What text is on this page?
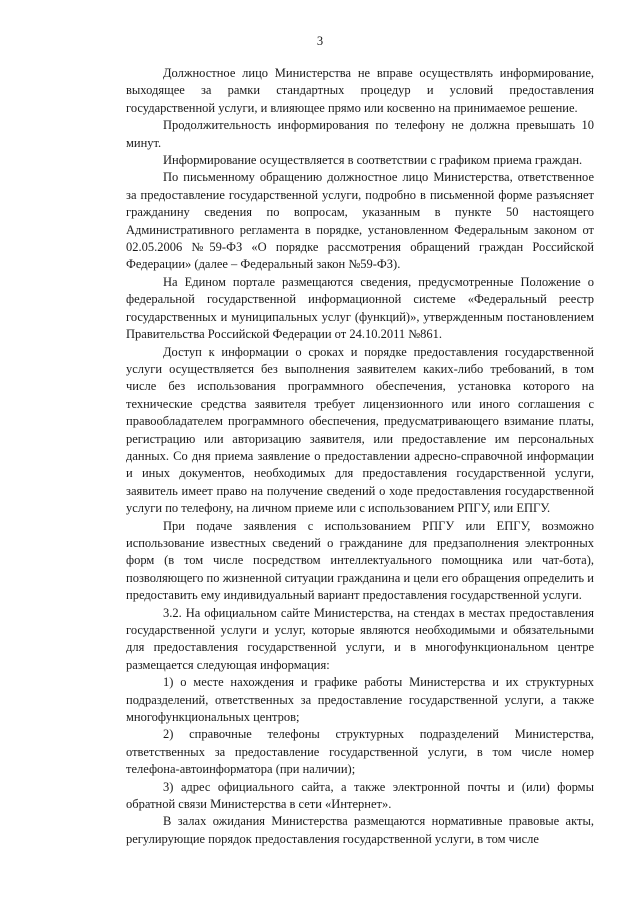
3

Должностное лицо Министерства не вправе осуществлять информирование, выходящее за рамки стандартных процедур и условий предоставления государственной услуги, и влияющее прямо или косвенно на принимаемое решение.

Продолжительность информирования по телефону не должна превышать 10 минут.

Информирование осуществляется в соответствии с графиком приема граждан.

По письменному обращению должностное лицо Министерства, ответственное за предоставление государственной услуги, подробно в письменной форме разъясняет гражданину сведения по вопросам, указанным в пункте 50 настоящего Административного регламента в порядке, установленном Федеральным законом от 02.05.2006 №59-ФЗ «О порядке рассмотрения обращений граждан Российской Федерации» (далее – Федеральный закон №59-ФЗ).

На Едином портале размещаются сведения, предусмотренные Положение о федеральной государственной информационной системе «Федеральный реестр государственных и муниципальных услуг (функций)», утвержденным постановлением Правительства Российской Федерации от 24.10.2011 №861.

Доступ к информации о сроках и порядке предоставления государственной услуги осуществляется без выполнения заявителем каких-либо требований, в том числе без использования программного обеспечения, установка которого на технические средства заявителя требует лицензионного или иного соглашения с правообладателем программного обеспечения, предусматривающего взимание платы, регистрацию или авторизацию заявителя, или предоставление им персональных данных. Со дня приема заявление о предоставлении адресно-справочной информации и иных документов, необходимых для предоставления государственной услуги, заявитель имеет право на получение сведений о ходе предоставления государственной услуги по телефону, на личном приеме или с использованием РПГУ, или ЕПГУ.

При подаче заявления с использованием РПГУ или ЕПГУ, возможно использование известных сведений о гражданине для предзаполнения электронных форм (в том числе посредством интеллектуального помощника или чат-бота), позволяющего по жизненной ситуации гражданина и цели его обращения определить и предоставить ему индивидуальный вариант предоставления государственной услуги.

3.2. На официальном сайте Министерства, на стендах в местах предоставления государственной услуги и услуг, которые являются необходимыми и обязательными для предоставления государственной услуги, и в многофункциональном центре размещается следующая информация:

1) о месте нахождения и графике работы Министерства и их структурных подразделений, ответственных за предоставление государственной услуги, а также многофункциональных центров;

2) справочные телефоны структурных подразделений Министерства, ответственных за предоставление государственной услуги, в том числе номер телефона-автоинформатора (при наличии);

3) адрес официального сайта, а также электронной почты и (или) формы обратной связи Министерства в сети «Интернет».

В залах ожидания Министерства размещаются нормативные правовые акты, регулирующие порядок предоставления государственной услуги, в том числе
